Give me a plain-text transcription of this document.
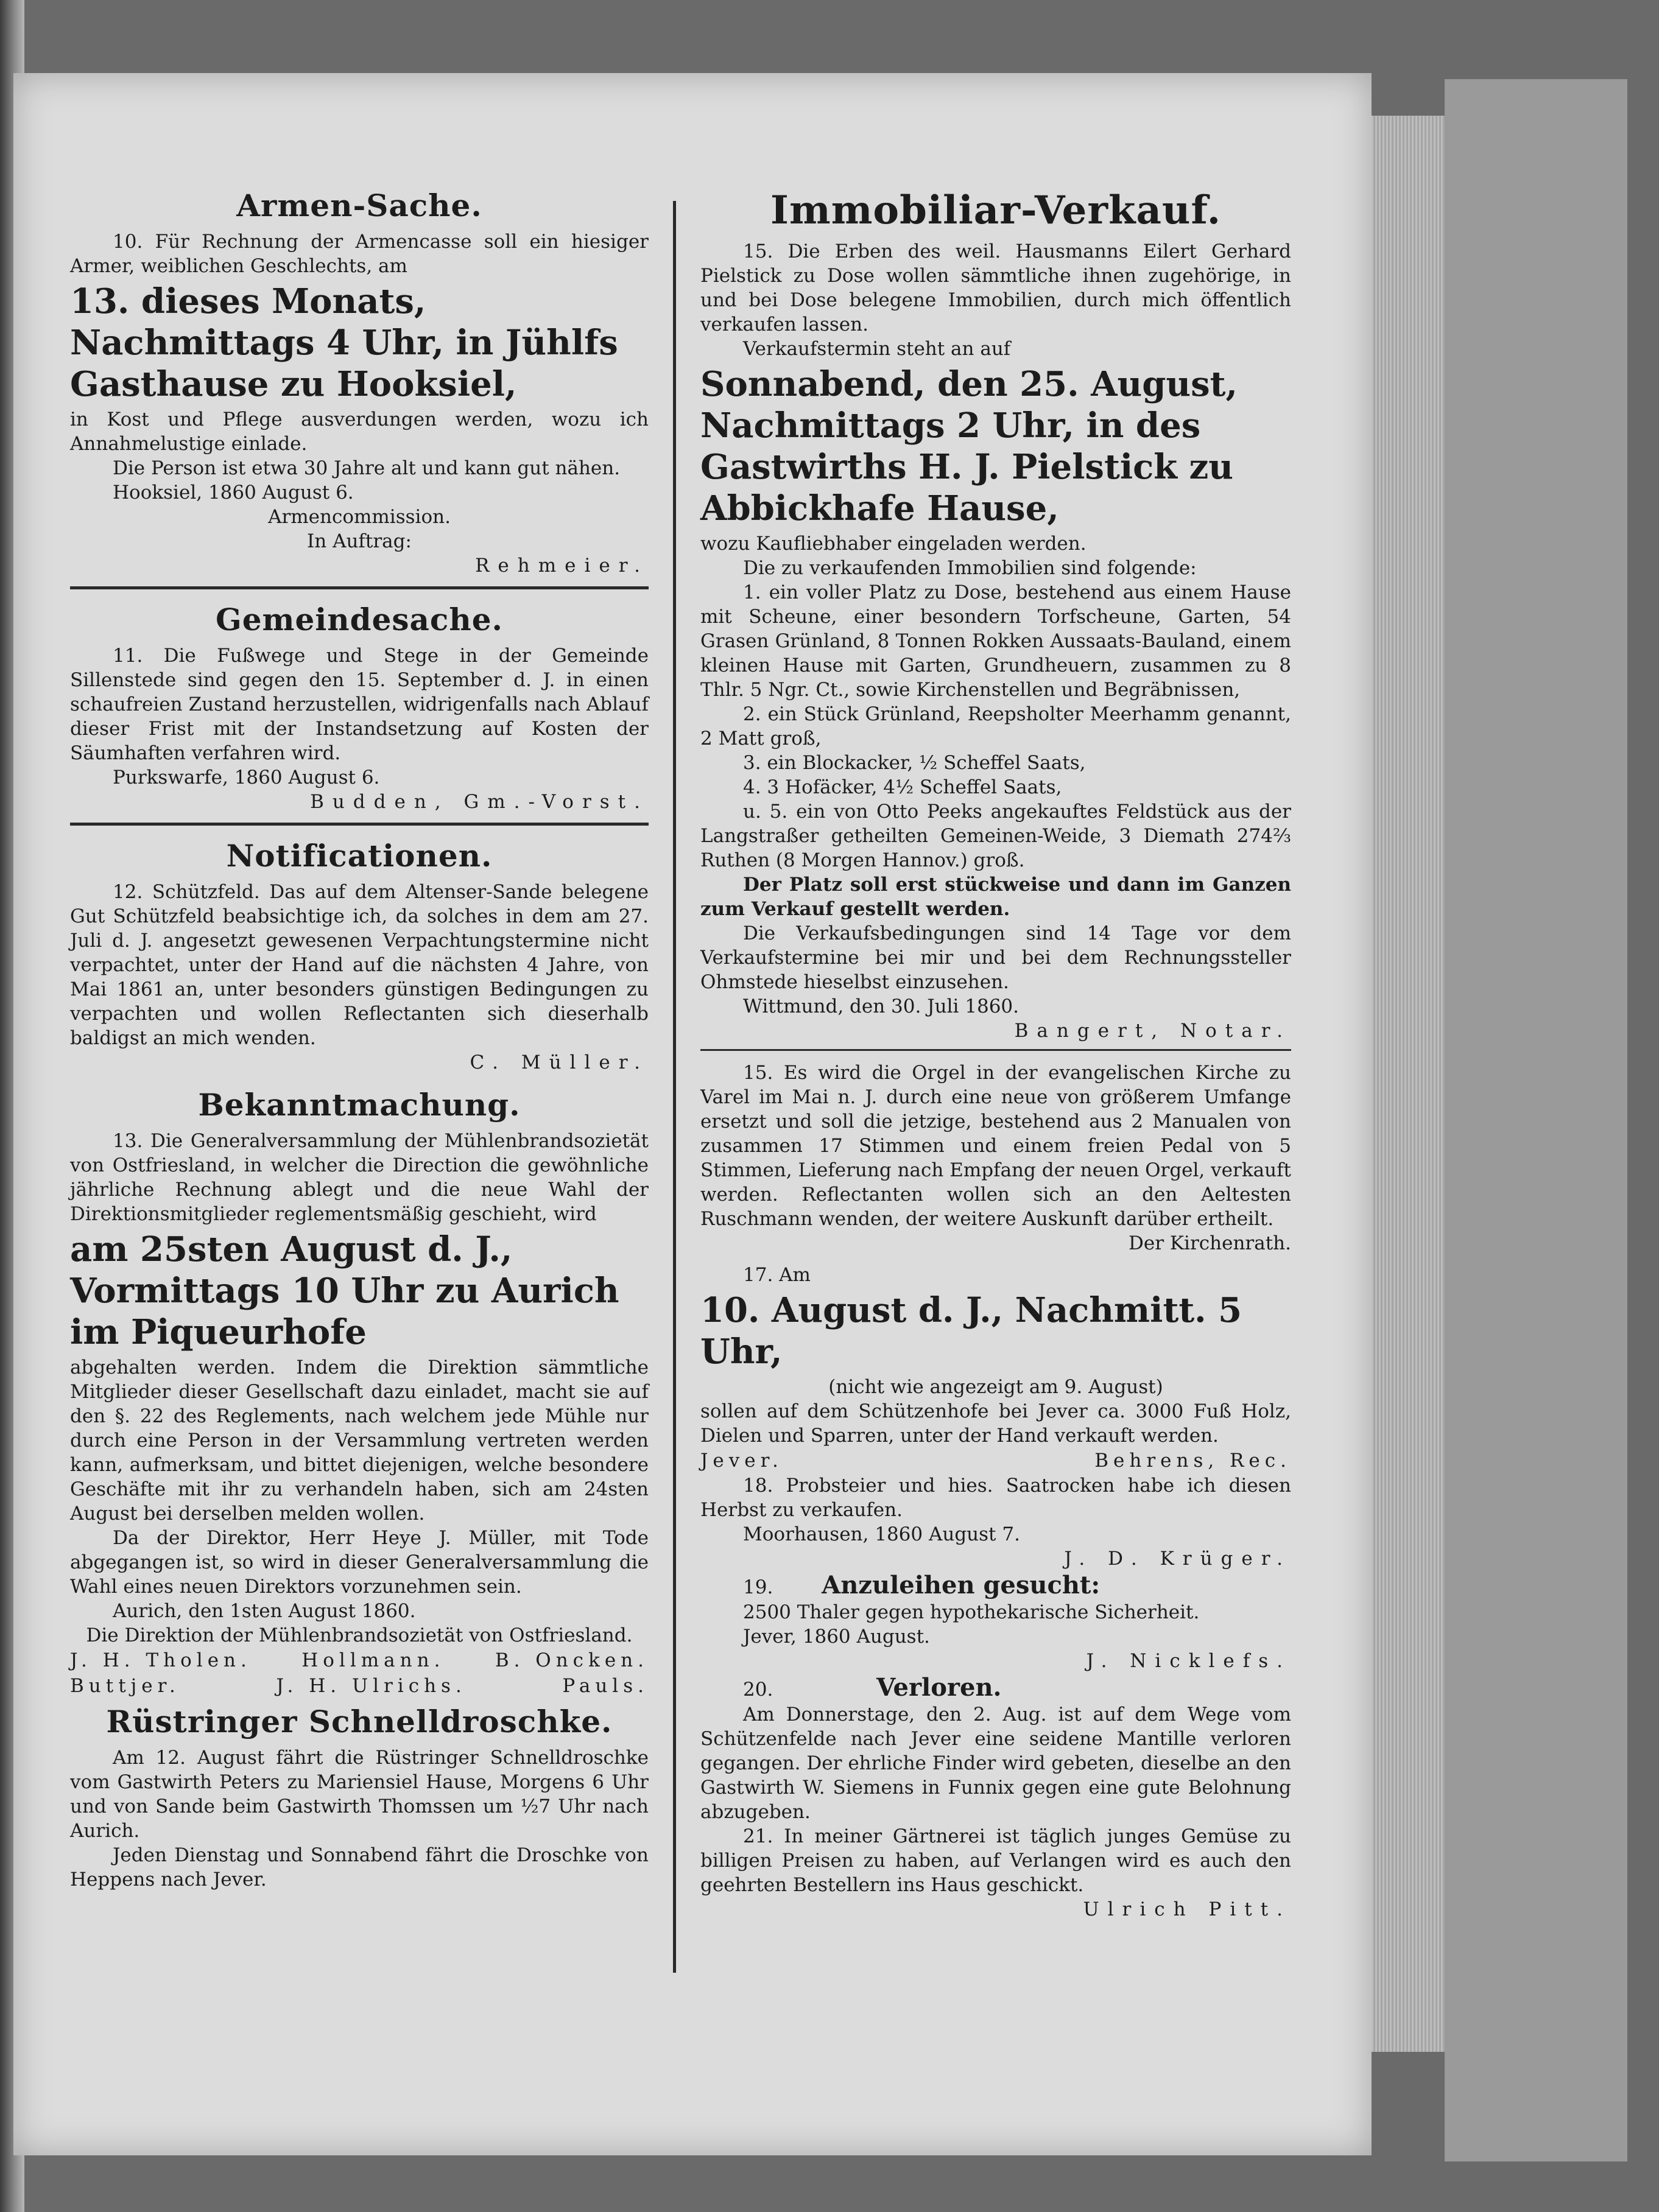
Armen-Sache.

10. Für Rechnung der Armencasse soll ein hiesiger Armer, weiblichen Geschlechts, am

13. dieses Monats, Nachmittags 4 Uhr, in Jühlfs Gasthause zu Hooksiel,

in Kost und Pflege ausverdungen werden, wozu ich Annahmelustige einlade.

Die Person ist etwa 30 Jahre alt und kann gut nähen.

Hooksiel, 1860 August 6.

Armencommission.

In Auftrag:

Rehmeier.

Gemeindesache.

11. Die Fußwege und Stege in der Gemeinde Sillenstede sind gegen den 15. September d. J. in einen schaufreien Zustand herzustellen, widrigenfalls nach Ablauf dieser Frist mit der Instandsetzung auf Kosten der Säumhaften verfahren wird.

Purkswarfe, 1860 August 6.

Budden, Gm.-Vorst.

Notificationen.

12. Schützfeld. Das auf dem Altenser-Sande belegene Gut Schützfeld beabsichtige ich, da solches in dem am 27. Juli d. J. angesetzt gewesenen Verpachtungstermine nicht verpachtet, unter der Hand auf die nächsten 4 Jahre, von Mai 1861 an, unter besonders günstigen Bedingungen zu verpachten und wollen Reflectanten sich dieserhalb baldigst an mich wenden.

C. Müller.

Bekanntmachung.

13. Die Generalversammlung der Mühlenbrandsozietät von Ostfriesland, in welcher die Direction die gewöhnliche jährliche Rechnung ablegt und die neue Wahl der Direktionsmitglieder reglementsmäßig geschieht, wird

am 25sten August d. J., Vormittags 10 Uhr zu Aurich im Piqueurhofe

abgehalten werden. Indem die Direktion sämmtliche Mitglieder dieser Gesellschaft dazu einladet, macht sie auf den §. 22 des Reglements, nach welchem jede Mühle nur durch eine Person in der Versammlung vertreten werden kann, aufmerksam, und bittet diejenigen, welche besondere Geschäfte mit ihr zu verhandeln haben, sich am 24sten August bei derselben melden wollen.

Da der Direktor, Herr Heye J. Müller, mit Tode abgegangen ist, so wird in dieser Generalversammlung die Wahl eines neuen Direktors vorzunehmen sein.

Aurich, den 1sten August 1860.

Die Direktion der Mühlenbrandsozietät von Ostfriesland.

J. H. Tholen.	Hollmann.	B. Oncken.
Buttjer.	J. H. Ulrichs.	Pauls.
Rüstringer Schnelldroschke.

Am 12. August fährt die Rüstringer Schnelldroschke vom Gastwirth Peters zu Mariensiel Hause, Morgens 6 Uhr und von Sande beim Gastwirth Thomssen um ½7 Uhr nach Aurich.

Jeden Dienstag und Sonnabend fährt die Droschke von Heppens nach Jever.

Immobiliar-Verkauf.

15. Die Erben des weil. Hausmanns Eilert Gerhard Pielstick zu Dose wollen sämmtliche ihnen zugehörige, in und bei Dose belegene Immobilien, durch mich öffentlich verkaufen lassen.

Verkaufstermin steht an auf

Sonnabend, den 25. August, Nachmittags 2 Uhr, in des Gastwirths H. J. Pielstick zu Abbickhafe Hause,

wozu Kaufliebhaber eingeladen werden.

Die zu verkaufenden Immobilien sind folgende:

1. ein voller Platz zu Dose, bestehend aus einem Hause mit Scheune, einer besondern Torfscheune, Garten, 54 Grasen Grünland, 8 Tonnen Rokken Aussaats-Bauland, einem kleinen Hause mit Garten, Grundheuern, zusammen zu 8 Thlr. 5 Ngr. Ct., sowie Kirchenstellen und Begräbnissen,

2. ein Stück Grünland, Reepsholter Meerhamm genannt, 2 Matt groß,

3. ein Blockacker, ½ Scheffel Saats,

4. 3 Hofäcker, 4½ Scheffel Saats,

u. 5. ein von Otto Peeks angekauftes Feldstück aus der Langstraßer getheilten Gemeinen-Weide, 3 Diemath 274⅔ Ruthen (8 Morgen Hannov.) groß.

Der Platz soll erst stückweise und dann im Ganzen zum Verkauf gestellt werden.

Die Verkaufsbedingungen sind 14 Tage vor dem Verkaufstermine bei mir und bei dem Rechnungssteller Ohmstede hieselbst einzusehen.

Wittmund, den 30. Juli 1860.

Bangert, Notar.

15. Es wird die Orgel in der evangelischen Kirche zu Varel im Mai n. J. durch eine neue von größerem Umfange ersetzt und soll die jetzige, bestehend aus 2 Manualen von zusammen 17 Stimmen und einem freien Pedal von 5 Stimmen, Lieferung nach Empfang der neuen Orgel, verkauft werden. Reflectanten wollen sich an den Aeltesten Ruschmann wenden, der weitere Auskunft darüber ertheilt.

Der Kirchenrath.

17. Am

10. August d. J., Nachmitt. 5 Uhr,

(nicht wie angezeigt am 9. August)

sollen auf dem Schützenhofe bei Jever ca. 3000 Fuß Holz, Dielen und Sparren, unter der Hand verkauft werden.

Jever.	Behrens, Rec.

18. Probsteier und hies. Saatrocken habe ich diesen Herbst zu verkaufen.

Moorhausen, 1860 August 7.

J. D. Krüger.

19. Anzuleihen gesucht:

2500 Thaler gegen hypothekarische Sicherheit.

Jever, 1860 August.

J. Nicklefs.

20.	Verloren.

Am Donnerstage, den 2. Aug. ist auf dem Wege vom Schützenfelde nach Jever eine seidene Mantille verloren gegangen. Der ehrliche Finder wird gebeten, dieselbe an den Gastwirth W. Siemens in Funnix gegen eine gute Belohnung abzugeben.

21. In meiner Gärtnerei ist täglich junges Gemüse zu billigen Preisen zu haben, auf Verlangen wird es auch den geehrten Bestellern ins Haus geschickt.

Ulrich Pitt.
